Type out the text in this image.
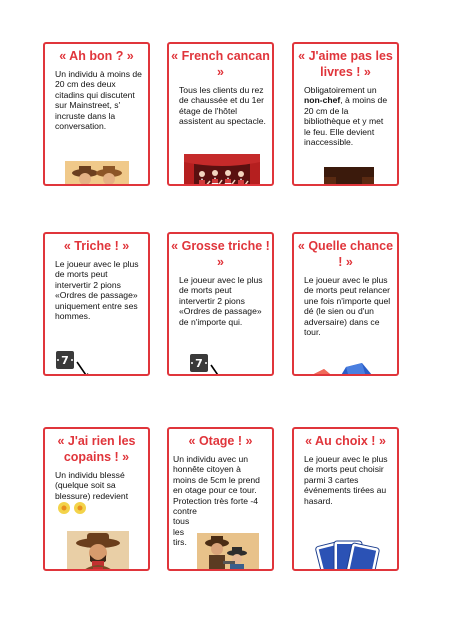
« Ah bon ? »
Un individu à moins de 20 cm des deux citadins qui discutent sur Mainstreet, s' incruste dans la conversation.
« French cancan »
Tous les clients du rez de chaussée et du 1er étage de l'hôtel assistent au spectacle.
« J'aime pas les livres ! »
Obligatoirement un non-chef, à moins de 20 cm de la bibliothèque et y met le feu. Elle devient inaccessible.
« Triche ! »
Le joueur avec le plus de morts peut intervertir 2 pions «Ordres de passage» uniquement entre ses hommes.
7
D
« Grosse triche ! »
Le joueur avec le plus de morts peut intervertir 2 pions «Ordres de passage» de n'importe qui.
7
D
« Quelle chance ! »
Le joueur avec le plus de morts peut relancer une fois n'importe quel dé (le sien ou d'un adversaire) dans ce tour.
5
14
« J'ai rien les copains ! »
Un individu blessé (quelque soit sa blessure) redevient
« Otage ! »
Un individu avec un honnête citoyen à moins de 5cm le prend en otage pour ce tour. Protection très forte -4 contre
tous les tirs.
« Au choix ! »
Le joueur avec le plus de morts peut choisir parmi 3 cartes événements tirées au hasard.
